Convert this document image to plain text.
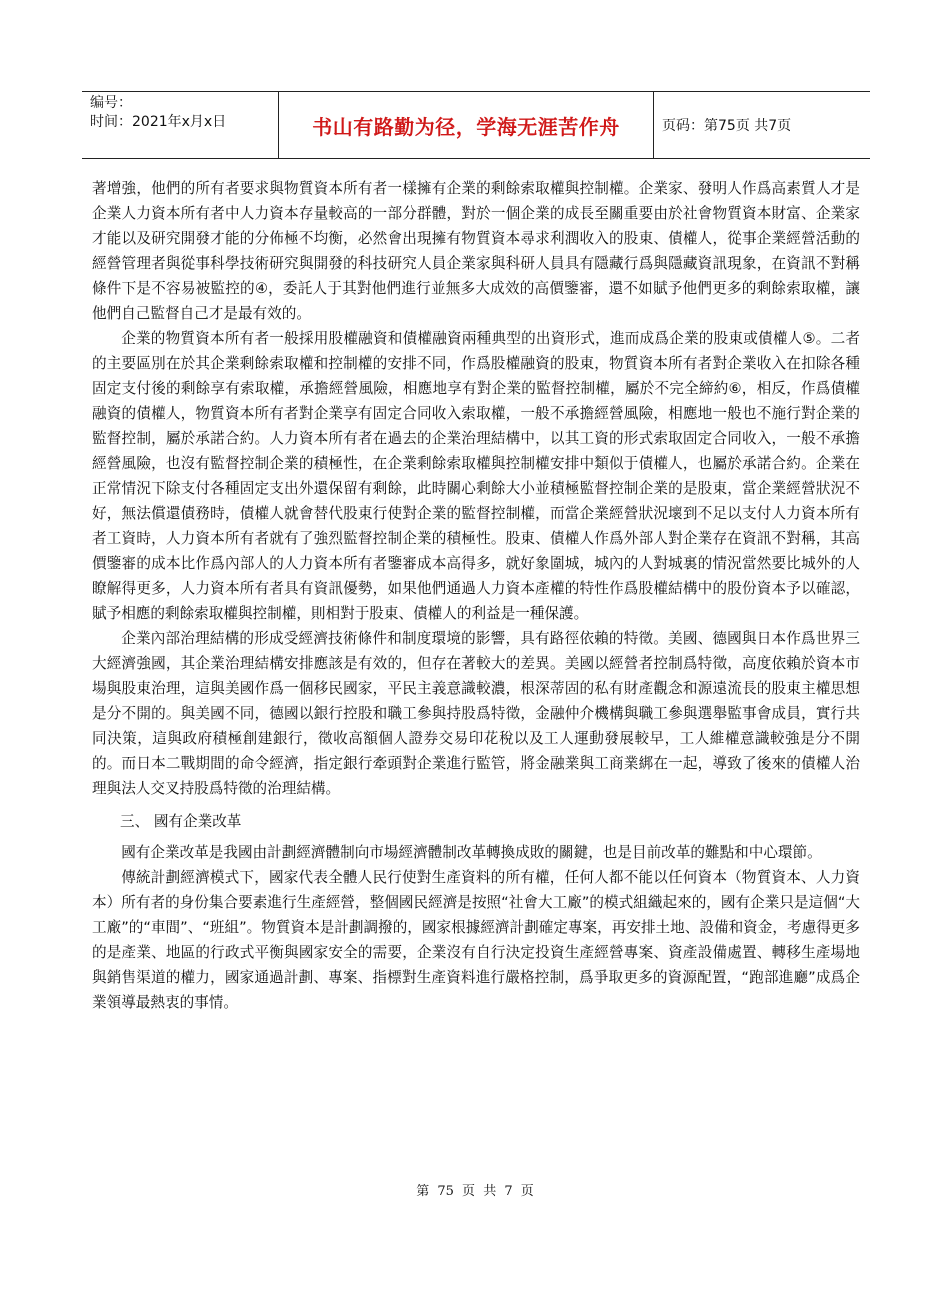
编号：
时间：2021年x月x日	书山有路勤为径，学海无涯苦作舟	页码：第75页 共7页

著增強，他們的所有者要求與物質資本所有者一樣擁有企業的剩餘索取權與控制權。企業家、發明人作爲高素質人才是企業人力資本所有者中人力資本存量較高的一部分群體，對於一個企業的成長至關重要由於社會物質資本財富、企業家才能以及研究開發才能的分佈極不均衡，必然會出現擁有物質資本尋求利潤收入的股東、債權人，從事企業經營活動的經營管理者與從事科學技術研究與開發的科技研究人員企業家與科研人員具有隱藏行爲與隱藏資訊現象，在資訊不對稱條件下是不容易被監控的④，委託人于其對他們進行並無多大成效的高價鑒審，還不如賦予他們更多的剩餘索取權，讓他們自己監督自己才是最有效的。

企業的物質資本所有者一般採用股權融資和債權融資兩種典型的出資形式，進而成爲企業的股東或債權人⑤。二者的主要區別在於其企業剩餘索取權和控制權的安排不同，作爲股權融資的股東，物質資本所有者對企業收入在扣除各種固定支付後的剩餘享有索取權，承擔經營風險，相應地享有對企業的監督控制權，屬於不完全締約⑥，相反，作爲債權融資的債權人，物質資本所有者對企業享有固定合同收入索取權，一般不承擔經營風險，相應地一般也不施行對企業的監督控制，屬於承諾合約。人力資本所有者在過去的企業治理結構中，以其工資的形式索取固定合同收入，一般不承擔經營風險，也沒有監督控制企業的積極性，在企業剩餘索取權與控制權安排中類似于債權人，也屬於承諾合約。企業在正常情況下除支付各種固定支出外還保留有剩餘，此時關心剩餘大小並積極監督控制企業的是股東，當企業經營狀況不好，無法償還債務時，債權人就會替代股東行使對企業的監督控制權，而當企業經營狀況壞到不足以支付人力資本所有者工資時，人力資本所有者就有了強烈監督控制企業的積極性。股東、債權人作爲外部人對企業存在資訊不對稱，其高價鑒審的成本比作爲內部人的人力資本所有者鑒審成本高得多，就好象圍城，城內的人對城裏的情況當然要比城外的人瞭解得更多，人力資本所有者具有資訊優勢，如果他們通過人力資本產權的特性作爲股權結構中的股份資本予以確認，賦予相應的剩餘索取權與控制權，則相對于股東、債權人的利益是一種保護。

企業內部治理結構的形成受經濟技術條件和制度環境的影響，具有路徑依賴的特徵。美國、德國與日本作爲世界三大經濟強國，其企業治理結構安排應該是有效的，但存在著較大的差異。美國以經營者控制爲特徵，高度依賴於資本市場與股東治理，這與美國作爲一個移民國家，平民主義意識較濃，根深蒂固的私有財產觀念和源遠流長的股東主權思想是分不開的。與美國不同，德國以銀行控股和職工參與持股爲特徵，金融仲介機構與職工參與選舉監事會成員，實行共同決策，這與政府積極創建銀行，徵收高額個人證券交易印花稅以及工人運動發展較早，工人維權意識較強是分不開的。而日本二戰期間的命令經濟，指定銀行牽頭對企業進行監管，將金融業與工商業綁在一起，導致了後來的債權人治理與法人交叉持股爲特徵的治理結構。

三、 國有企業改革

國有企業改革是我國由計劃經濟體制向市場經濟體制改革轉換成敗的關鍵，也是目前改革的難點和中心環節。

傳統計劃經濟模式下，國家代表全體人民行使對生產資料的所有權，任何人都不能以任何資本（物質資本、人力資本）所有者的身份集合要素進行生產經營，整個國民經濟是按照“社會大工廠”的模式組織起來的，國有企業只是這個“大工廠”的“車間”、“班組”。物質資本是計劃調撥的，國家根據經濟計劃確定專案，再安排土地、設備和資金，考慮得更多的是產業、地區的行政式平衡與國家安全的需要，企業沒有自行決定投資生產經營專案、資產設備處置、轉移生產場地與銷售渠道的權力，國家通過計劃、專案、指標對生產資料進行嚴格控制，爲爭取更多的資源配置，“跑部進廳”成爲企業領導最熱衷的事情。

第 75 页 共 7 页
